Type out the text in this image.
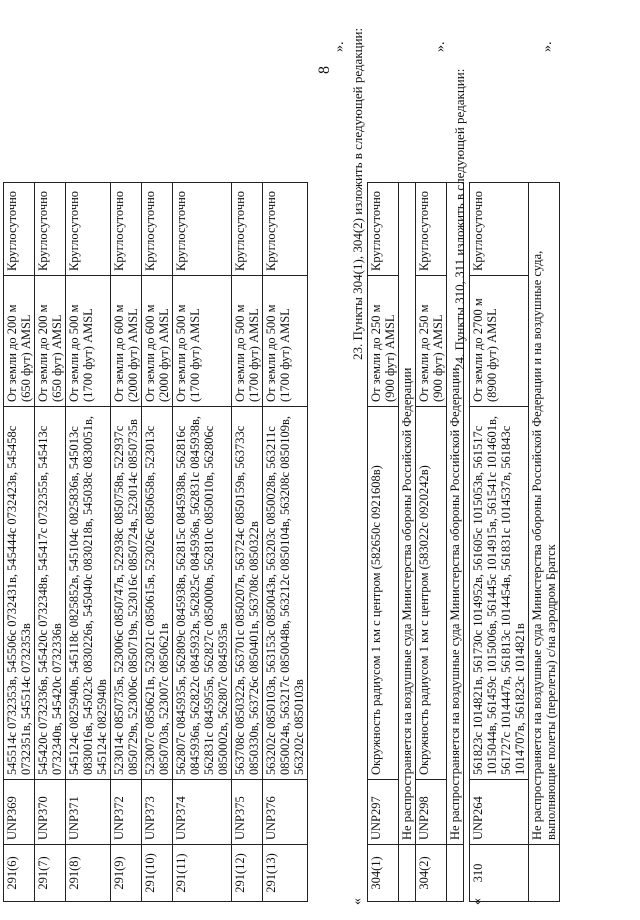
8
291(6)	UNP369	545514с 0732353в, 545506с 0732431в, 545444с 0732423в, 545458с 0732351в, 545514с 0732353в	От земли до 200 м (650 фут) AMSL	Круглосуточно
291(7)	UNP370	545420с 0732336в, 545420с 0732348в, 545417с 0732355в, 545413с 0732340в, 545420с 0732336в	От земли до 200 м (650 фут) AMSL	Круглосуточно
291(8)	UNP371	545124с 0825940в, 545118с 0825852в, 545104с 0825836в, 545013с 0830016в, 545023с 0830226в, 545040с 0830218в, 545038с 0830051в, 545124с 0825940в	От земли до 500 м (1700 фут) AMSL	Круглосуточно
291(9)	UNP372	523014с 0850735в, 523006с 0850747в, 522938с 0850758в, 522937с 0850729в, 523006с 0850719в, 523016с 0850724в, 523014с 0850735в	От земли до 600 м (2000 фут) AMSL	Круглосуточно
291(10)	UNP373	523007с 0850621в, 523021с 0850615в, 523026с 0850658в, 523013с 0850703в, 523007с 0850621в	От земли до 600 м (2000 фут) AMSL	Круглосуточно
291(11)	UNP374	562807с 0845935в, 562809с 0845938в, 562815с 0845938в, 562816с 0845936в, 562822с 0845932в, 562825с 0845936в, 562831с 0845938в, 562831с 0845955в, 562827с 0850000в, 562810с 0850010в, 562806с 0850002в, 562807с 0845935в	От земли до 500 м (1700 фут) AMSL	Круглосуточно
291(12)	UNP375	563708с 0850322в, 563701с 0850207в, 563724с 0850159в, 563733с 0850330в, 563726с 0850401в, 563708с 0850322в	От земли до 500 м (1700 фут) AMSL	Круглосуточно
291(13)	UNP376	563202с 0850103в, 563153с 0850043в, 563203с 0850028в, 563211с 0850024в, 563217с 0850048в, 563212с 0850104в, 563208с 0850109в, 563202с 0850103в	От земли до 500 м (1700 фут) AMSL	Круглосуточно
». 23. Пункты 304(1), 304(2) изложить в следующей редакции:
«
304(1)	UNP297	Окружность радиусом 1 км с центром (582650с 0921608в)	От земли до 250 м (900 фут) AMSL	Круглосуточно
	Не распространяется на воздушные суда Министерства обороны Российской Федерации			
304(2)	UNP298	Окружность радиусом 1 км с центром (583022с 0920242в)	От земли до 250 м (900 фут) AMSL	Круглосуточно
	Не распространяется на воздушные суда Министерства обороны Российской Федерации			
».
24. Пункты 310, 311 изложить в следующей редакции:
«
310	UNP264	561823с 1014821в, 561730с 1014952в, 561605с 1015053в, 561517с 1015044в, 561459с 1015006в, 561445с 1014915в, 561541с 1014601в, 561727с 1014447в, 561813с 1014454в, 561831с 1014537в, 561843с 1014707в, 561823с 1014821в	От земли до 2700 м (8900 фут) AMSL	Круглосуточно
	Не распространяется на воздушные суда Министерства обороны Российской Федерации и на воздушные суда, выполняющие полеты (перелеты) с/на аэродром Братск			
».
